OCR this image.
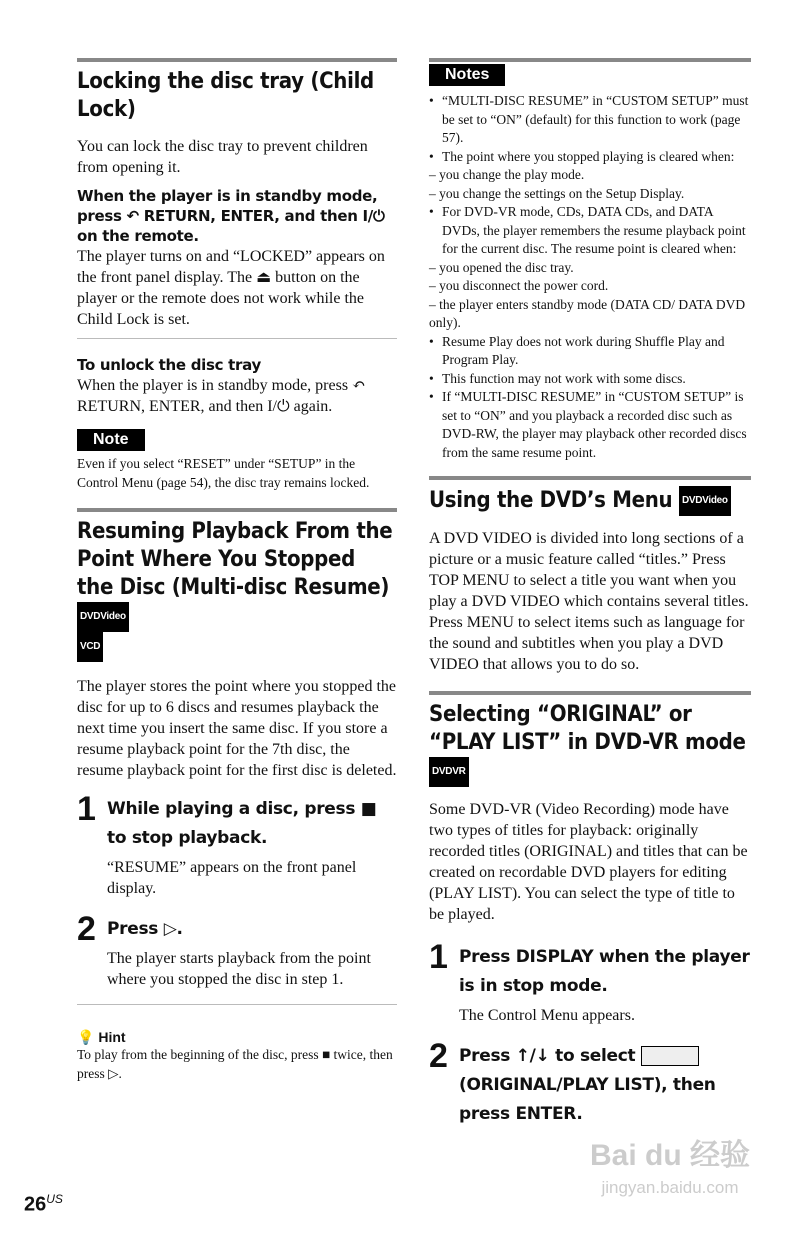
Locking the disc tray (Child Lock)

You can lock the disc tray to prevent children from opening it.

When the player is in standby mode, press ↶ RETURN, ENTER, and then I/⏻ on the remote.

The player turns on and “LOCKED” appears on the front panel display. The ⏏ button on the player or the remote does not work while the Child Lock is set.

To unlock the disc tray

When the player is in standby mode, press ↶ RETURN, ENTER, and then I/⏻ again.

Note
Even if you select “RESET” under “SETUP” in the Control Menu (page 54), the disc tray remains locked.
Resuming Playback From the Point Where You Stopped the Disc (Multi-disc Resume) DVDVideo
VCD

The player stores the point where you stopped the disc for up to 6 discs and resumes playback the next time you insert the same disc. If you store a resume playback point for the 7th disc, the resume playback point for the first disc is deleted.

1 While playing a disc, press ■ to stop playback.

“RESUME” appears on the front panel display.

2 Press ▷.

The player starts playback from the point where you stopped the disc in step 1.

💡 Hint
To play from the beginning of the disc, press ■ twice, then press ▷.
Notes
• “MULTI-DISC RESUME” in “CUSTOM SETUP” must be set to “ON” (default) for this function to work (page 57).
• The point where you stopped playing is cleared when:
– you change the play mode.
– you change the settings on the Setup Display.
• For DVD-VR mode, CDs, DATA CDs, and DATA DVDs, the player remembers the resume playback point for the current disc. The resume point is cleared when:
– you opened the disc tray.
– you disconnect the power cord.
– the player enters standby mode (DATA CD/ DATA DVD only).
• Resume Play does not work during Shuffle Play and Program Play.
• This function may not work with some discs.
• If “MULTI-DISC RESUME” in “CUSTOM SETUP” is set to “ON” and you playback a recorded disc such as DVD-RW, the player may playback other recorded discs from the same resume point.
Using the DVD’s Menu DVDVideo

A DVD VIDEO is divided into long sections of a picture or a music feature called “titles.” Press TOP MENU to select a title you want when you play a DVD VIDEO which contains several titles.

Press MENU to select items such as language for the sound and subtitles when you play a DVD VIDEO that allows you to do so.

Selecting “ORIGINAL” or “PLAY LIST” in DVD-VR mode DVDVR

Some DVD-VR (Video Recording) mode have two types of titles for playback: originally recorded titles (ORIGINAL) and titles that can be created on recordable DVD players for editing (PLAY LIST). You can select the type of title to be played.

1 Press DISPLAY when the player is in stop mode.

The Control Menu appears.

2 Press ↑/↓ to select
(ORIGINAL/PLAY LIST), then press ENTER.
$26^{US}$
Bai du 经验
jingyan.baidu.com
